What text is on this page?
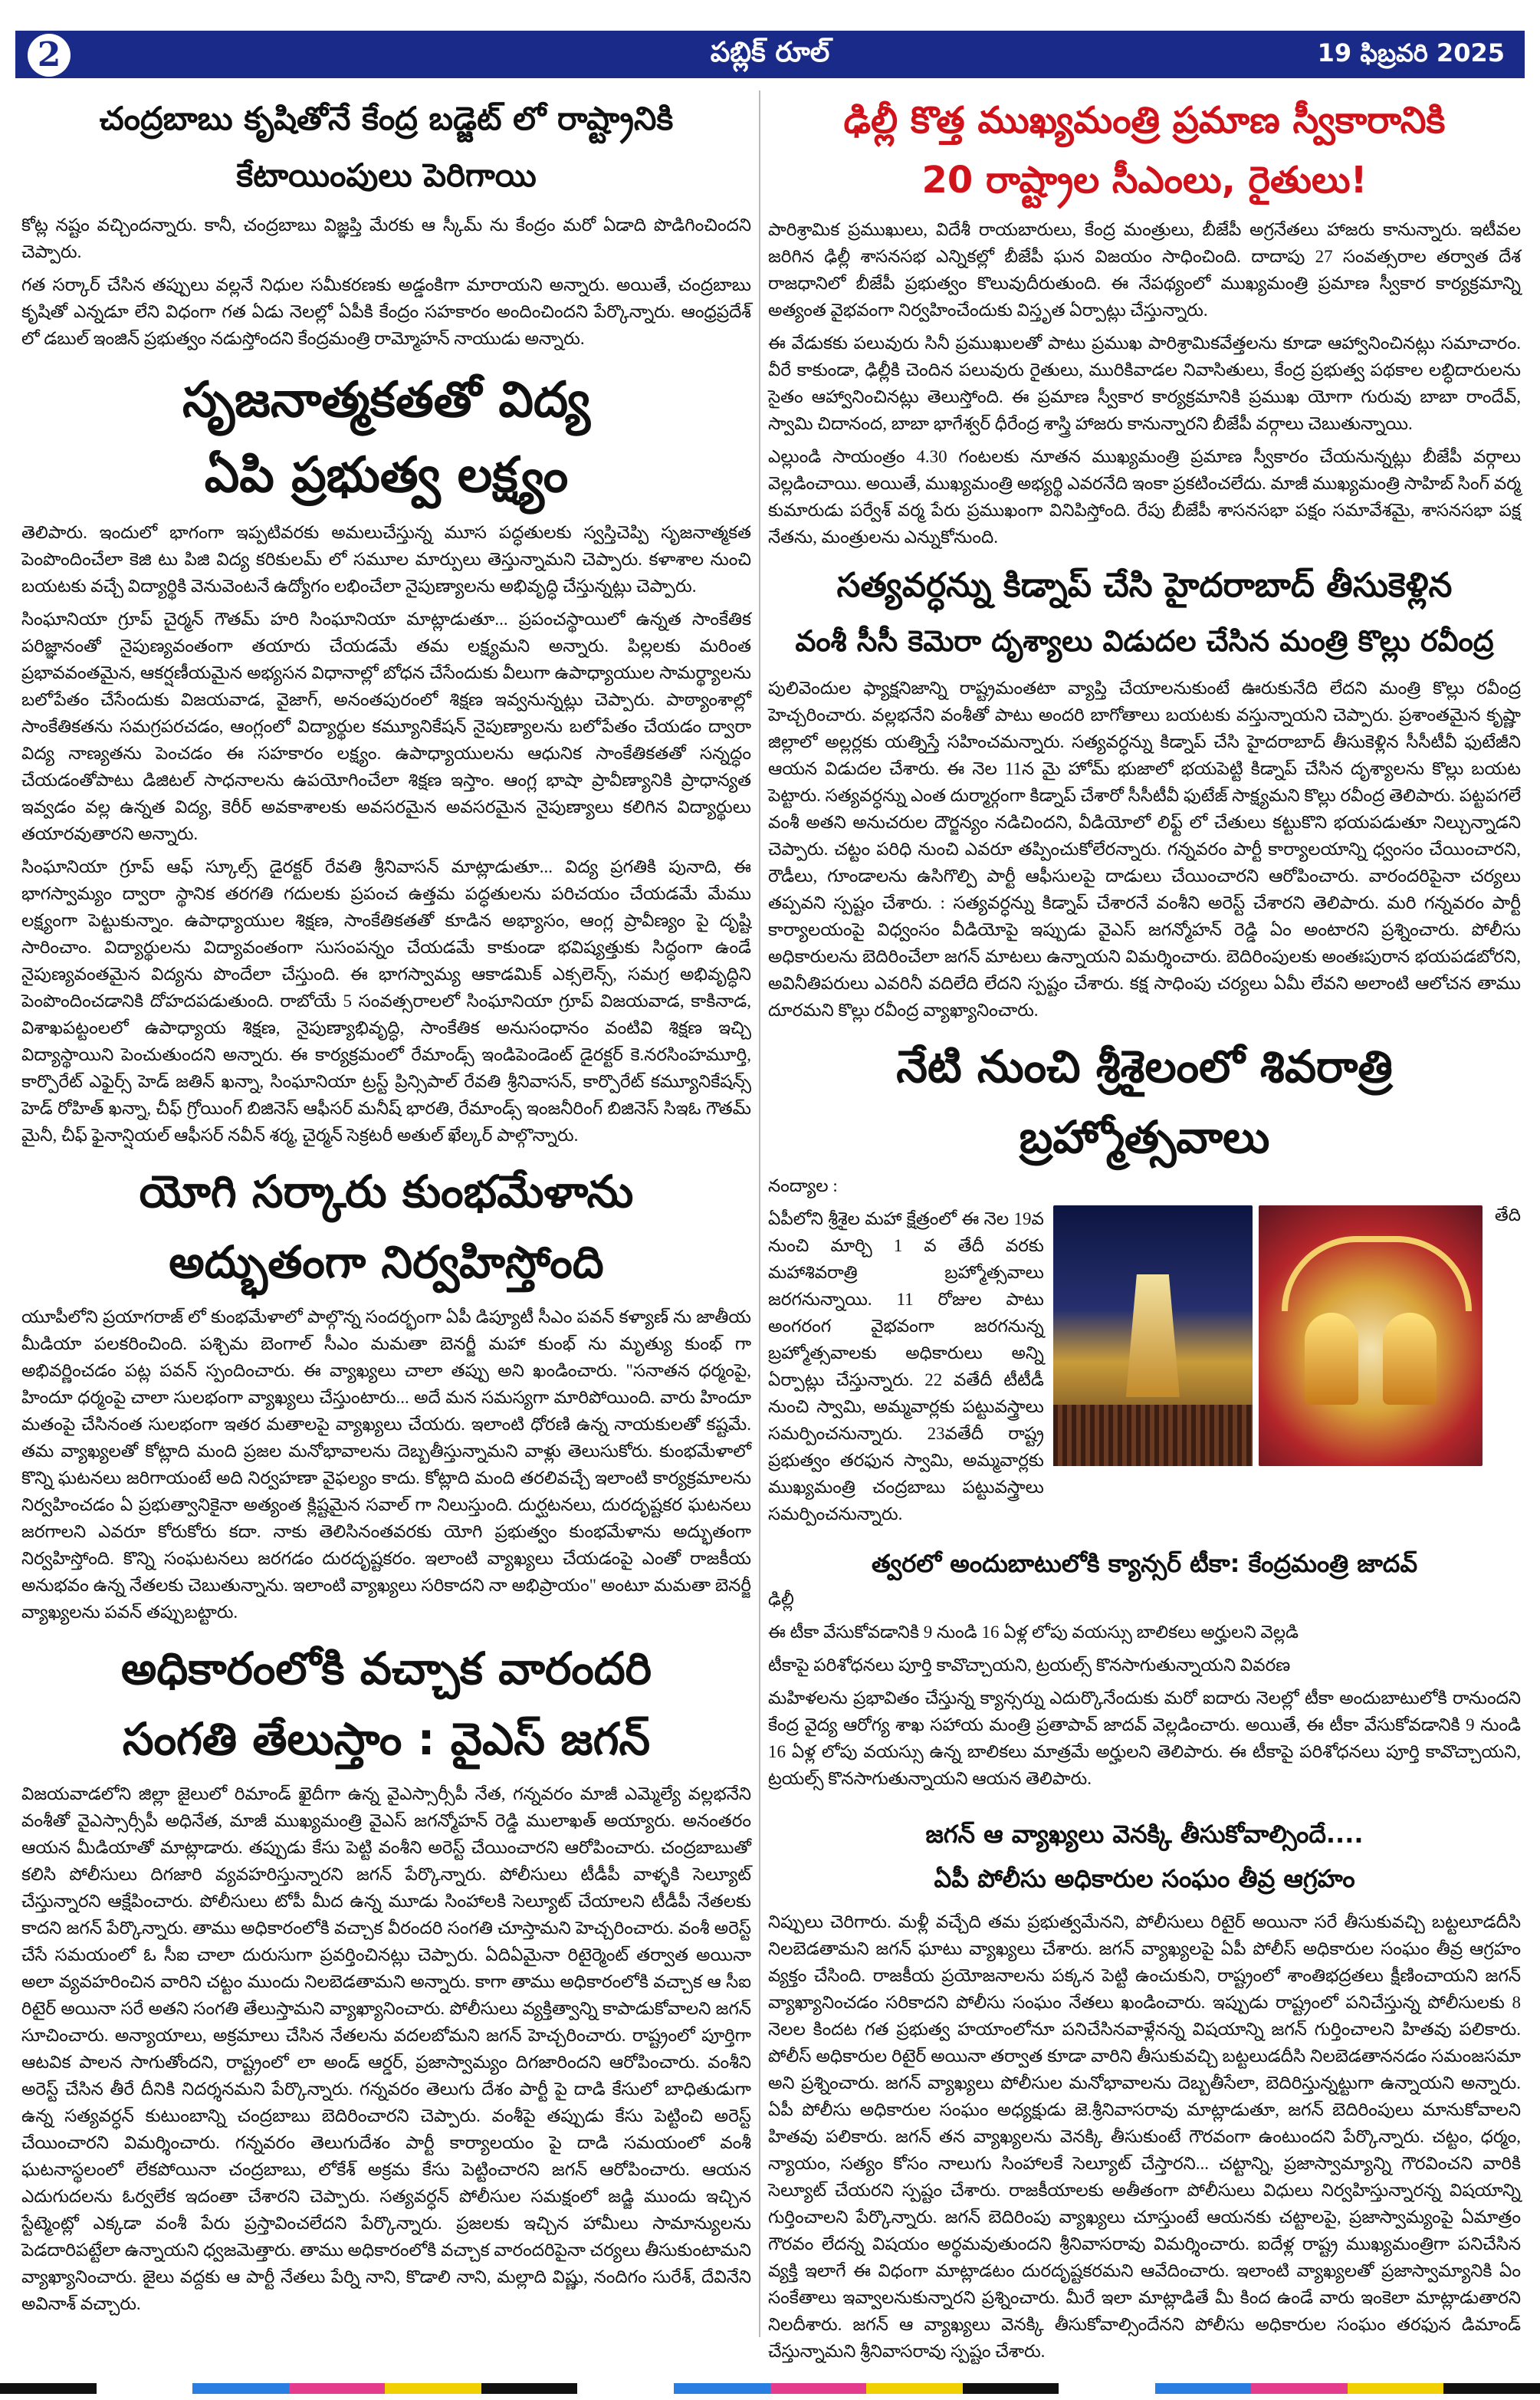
పబ్లిక్ రూల్	19 ఫిబ్రవరి 2025
2
చంద్రబాబు కృషితోనే కేంద్ర బడ్జెట్ లో రాష్ట్రానికి
కేటాయింపులు పెరిగాయి

కోట్ల నష్టం వచ్చిందన్నారు. కానీ, చంద్రబాబు విజ్ఞప్తి మేరకు ఆ స్కీమ్ ను కేంద్రం మరో ఏడాది పొడిగించిందని చెప్పారు.

గత సర్కార్ చేసిన తప్పులు వల్లనే నిధుల సమీకరణకు అడ్డంకిగా మారాయని అన్నారు. అయితే, చంద్రబాబు కృషితో ఎన్నడూ లేని విధంగా గత ఏడు నెలల్లో ఏపీకి కేంద్రం సహకారం అందించిందని పేర్కొన్నారు. ఆంధ్రప్రదేశ్ లో డబుల్ ఇంజిన్ ప్రభుత్వం నడుస్తోందని కేంద్రమంత్రి రామ్మోహన్ నాయుడు అన్నారు.

సృజనాత్మకతతో విద్య
ఏపి ప్రభుత్వ లక్ష్యం

తెలిపారు. ఇందులో భాగంగా ఇప్పటివరకు అమలుచేస్తున్న మూస పద్ధతులకు స్వస్తిచెప్పి సృజనాత్మకత పెంపొందించేలా కెజి టు పిజి విద్య కరికులమ్ లో సమూల మార్పులు తెస్తున్నామని చెప్పారు. కళాశాల నుంచి బయటకు వచ్చే విద్యార్థికి వెనువెంటనే ఉద్యోగం లభించేలా నైపుణ్యాలను అభివృద్ధి చేస్తున్నట్లు చెప్పారు.

సింఘానియా గ్రూప్ చైర్మన్ గౌతమ్ హరి సింఘానియా మాట్లాడుతూ... ప్రపంచస్థాయిలో ఉన్నత సాంకేతిక పరిజ్ఞానంతో నైపుణ్యవంతంగా తయారు చేయడమే తమ లక్ష్యమని అన్నారు. పిల్లలకు మరింత ప్రభావవంతమైన, ఆకర్షణీయమైన అభ్యసన విధానాల్లో బోధన చేసేందుకు వీలుగా ఉపాధ్యాయుల సామర్థ్యాలను బలోపేతం చేసేందుకు విజయవాడ, వైజాగ్, అనంతపురంలో శిక్షణ ఇవ్వనున్నట్లు చెప్పారు. పాఠ్యాంశాల్లో సాంకేతికతను సమగ్రపరచడం, ఆంగ్లంలో విద్యార్థుల కమ్యూనికేషన్ నైపుణ్యాలను బలోపేతం చేయడం ద్వారా విద్య నాణ్యతను పెంచడం ఈ సహకారం లక్ష్యం. ఉపాధ్యాయులను ఆధునిక సాంకేతికతతో సన్నద్ధం చేయడంతోపాటు డిజిటల్ సాధనాలను ఉపయోగించేలా శిక్షణ ఇస్తాం. ఆంగ్ల భాషా ప్రావీణ్యానికి ప్రాధాన్యత ఇవ్వడం వల్ల ఉన్నత విద్య, కెరీర్ అవకాశాలకు అవసరమైన అవసరమైన నైపుణ్యాలు కలిగిన విద్యార్థులు తయారవుతారని అన్నారు.

సింఘానియా గ్రూప్ ఆఫ్ స్కూల్స్ డైరక్టర్ రేవతి శ్రీనివాసన్ మాట్లాడుతూ... విద్య ప్రగతికి పునాది, ఈ భాగస్వామ్యం ద్వారా స్థానిక తరగతి గదులకు ప్రపంచ ఉత్తమ పద్ధతులను పరిచయం చేయడమే మేము లక్ష్యంగా పెట్టుకున్నాం. ఉపాధ్యాయుల శిక్షణ, సాంకేతికతతో కూడిన అభ్యాసం, ఆంగ్ల ప్రావీణ్యం పై దృష్టి సారించాం. విద్యార్థులను విద్యావంతంగా సుసంపన్నం చేయడమే కాకుండా భవిష్యత్తుకు సిద్ధంగా ఉండే నైపుణ్యవంతమైన విద్యను పొందేలా చేస్తుంది. ఈ భాగస్వామ్య ఆకాడమిక్ ఎక్సలెన్స్, సమగ్ర అభివృద్ధిని పెంపొందించడానికి దోహదపడుతుంది. రాబోయే 5 సంవత్సరాలలో సింఘానియా గ్రూప్ విజయవాడ, కాకినాడ, విశాఖపట్టంలలో ఉపాధ్యాయ శిక్షణ, నైపుణ్యాభివృద్ధి, సాంకేతిక అనుసంధానం వంటివి శిక్షణ ఇచ్చి విద్యాస్థాయిని పెంచుతుందని అన్నారు. ఈ కార్యక్రమంలో రేమాండ్స్ ఇండిపెండెంట్ డైరక్టర్ కె.నరసింహమూర్తి, కార్పొరేట్ ఎఫైర్స్ హెడ్ జతిన్ ఖన్నా, సింఘానియా ట్రస్ట్ ప్రిన్సిపాల్ రేవతి శ్రీనివాసన్, కార్పొరేట్ కమ్యూనికేషన్స్ హెడ్ రోహిత్ ఖన్నా, చీఫ్ గ్రోయింగ్ బిజినెస్ ఆఫీసర్ మనీష్ భారతి, రేమాండ్స్ ఇంజనీరింగ్ బిజినెస్ సిఇఓ గౌతమ్ మైనీ, చీఫ్ ఫైనాన్షియల్ ఆఫీసర్ నవీన్ శర్మ, చైర్మన్ సెక్రటరీ అతుల్ ఖేల్కర్ పాల్గొన్నారు.

యోగి సర్కారు కుంభమేళాను
అద్భుతంగా నిర్వహిస్తోంది

యూపీలోని ప్రయాగరాజ్ లో కుంభమేళాలో పాల్గొన్న సందర్భంగా ఏపీ డిప్యూటీ సీఎం పవన్ కళ్యాణ్ ను జాతీయ మీడియా పలకరించింది. పశ్చిమ బెంగాల్ సీఎం మమతా బెనర్జీ మహా కుంభ్ ను మృత్యు కుంభ్ గా అభివర్ణించడం పట్ల పవన్ స్పందించారు. ఈ వ్యాఖ్యలు చాలా తప్పు అని ఖండించారు. "సనాతన ధర్మంపై, హిందూ ధర్మంపై చాలా సులభంగా వ్యాఖ్యలు చేస్తుంటారు... అదే మన సమస్యగా మారిపోయింది. వారు హిందూ మతంపై చేసినంత సులభంగా ఇతర మతాలపై వ్యాఖ్యలు చేయరు. ఇలాంటి ధోరణి ఉన్న నాయకులతో కష్టమే. తమ వ్యాఖ్యలతో కోట్లాది మంది ప్రజల మనోభావాలను దెబ్బతీస్తున్నామని వాళ్లు తెలుసుకోరు. కుంభమేళాలో కొన్ని ఘటనలు జరిగాయంటే అది నిర్వహణా వైఫల్యం కాదు. కోట్లాది మంది తరలివచ్చే ఇలాంటి కార్యక్రమాలను నిర్వహించడం ఏ ప్రభుత్వానికైనా అత్యంత క్లిష్టమైన సవాల్ గా నిలుస్తుంది. దుర్ఘటనలు, దురదృష్టకర ఘటనలు జరగాలని ఎవరూ కోరుకోరు కదా. నాకు తెలిసినంతవరకు యోగి ప్రభుత్వం కుంభమేళాను అద్భుతంగా నిర్వహిస్తోంది. కొన్ని సంఘటనలు జరగడం దురదృష్టకరం. ఇలాంటి వ్యాఖ్యలు చేయడంపై ఎంతో రాజకీయ అనుభవం ఉన్న నేతలకు చెబుతున్నాను. ఇలాంటి వ్యాఖ్యలు సరికాదని నా అభిప్రాయం" అంటూ మమతా బెనర్జీ వ్యాఖ్యలను పవన్ తప్పుబట్టారు.

అధికారంలోకి వచ్చాక వారందరి
సంగతి తేలుస్తాం : వైఎస్ జగన్

విజయవాడలోని జిల్లా జైలులో రిమాండ్ ఖైదీగా ఉన్న వైఎస్సార్సీపీ నేత, గన్నవరం మాజీ ఎమ్మెల్యే వల్లభనేని వంశీతో వైఎస్సార్సీపీ అధినేత, మాజీ ముఖ్యమంత్రి వైఎస్ జగన్మోహన్ రెడ్డి ములాఖత్ అయ్యారు. అనంతరం ఆయన మీడియాతో మాట్లాడారు. తప్పుడు కేసు పెట్టి వంశీని అరెస్ట్ చేయించారని ఆరోపించారు. చంద్రబాబుతో కలిసి పోలీసులు దిగజారి వ్యవహరిస్తున్నారని జగన్ పేర్కొన్నారు. పోలీసులు టీడీపీ వాళ్ళకి సెల్యూట్ చేస్తున్నారని ఆక్షేపించారు. పోలీసులు టోపీ మీద ఉన్న మూడు సింహాలకి సెల్యూట్ చేయాలని టీడీపీ నేతలకు కాదని జగన్ పేర్కొన్నారు. తాము అధికారంలోకి వచ్చాక వీరందరి సంగతి చూస్తామని హెచ్చరించారు. వంశీ అరెస్ట్ చేసే సమయంలో ఓ సీఐ చాలా దురుసుగా ప్రవర్తించినట్లు చెప్పారు. ఏదిఏమైనా రిటైర్మెంట్ తర్వాత అయినా అలా వ్యవహరించిన వారిని చట్టం ముందు నిలబెడతామని అన్నారు. కాగా తాము అధికారంలోకి వచ్చాక ఆ సీఐ రిటైర్ అయినా సరే అతని సంగతి తేలుస్తామని వ్యాఖ్యానించారు. పోలీసులు వ్యక్తిత్వాన్ని కాపాడుకోవాలని జగన్ సూచించారు. అన్యాయాలు, అక్రమాలు చేసిన నేతలను వదలబోమని జగన్ హెచ్చరించారు. రాష్ట్రంలో పూర్తిగా ఆటవిక పాలన సాగుతోందని, రాష్ట్రంలో లా అండ్ ఆర్డర్, ప్రజాస్వామ్యం దిగజారిందని ఆరోపించారు. వంశీని అరెస్ట్ చేసిన తీరే దీనికి నిదర్శనమని పేర్కొన్నారు. గన్నవరం తెలుగు దేశం పార్టీ పై దాడి కేసులో బాధితుడుగా ఉన్న సత్యవర్ధన్ కుటుంబాన్ని చంద్రబాబు బెదిరించారని చెప్పారు. వంశీపై తప్పుడు కేసు పెట్టించి అరెస్ట్ చేయించారని విమర్శించారు. గన్నవరం తెలుగుదేశం పార్టీ కార్యాలయం పై దాడి సమయంలో వంశీ ఘటనాస్థలంలో లేకపోయినా చంద్రబాబు, లోకేశ్ అక్రమ కేసు పెట్టించారని జగన్ ఆరోపించారు. ఆయన ఎదుగుదలను ఓర్వలేక ఇదంతా చేశారని చెప్పారు. సత్యవర్ధన్ పోలీసుల సమక్షంలో జడ్జి ముందు ఇచ్చిన స్టేట్మెంట్లో ఎక్కడా వంశీ పేరు ప్రస్తావించలేదని పేర్కొన్నారు. ప్రజలకు ఇచ్చిన హామీలు సామాన్యులను పెడదారిపట్టేలా ఉన్నాయని ధ్వజమెత్తారు. తాము అధికారంలోకి వచ్చాక వారందరిపైనా చర్యలు తీసుకుంటామని వ్యాఖ్యానించారు. జైలు వద్దకు ఆ పార్టీ నేతలు పేర్ని నాని, కొడాలి నాని, మల్లాది విష్ణు, నందిగం సురేశ్, దేవినేని అవినాశ్ వచ్చారు.

ఢిల్లీ కొత్త ముఖ్యమంత్రి ప్రమాణ స్వీకారానికి
20 రాష్ట్రాల సీఎంలు, రైతులు!

పారిశ్రామిక ప్రముఖులు, విదేశీ రాయబారులు, కేంద్ర మంత్రులు, బీజేపీ అగ్రనేతలు హాజరు కానున్నారు. ఇటీవల జరిగిన ఢిల్లీ శాసనసభ ఎన్నికల్లో బీజేపీ ఘన విజయం సాధించింది. దాదాపు 27 సంవత్సరాల తర్వాత దేశ రాజధానిలో బీజేపీ ప్రభుత్వం కొలువుదీరుతుంది. ఈ నేపథ్యంలో ముఖ్యమంత్రి ప్రమాణ స్వీకార కార్యక్రమాన్ని అత్యంత వైభవంగా నిర్వహించేందుకు విస్తృత ఏర్పాట్లు చేస్తున్నారు.

ఈ వేడుకకు పలువురు సినీ ప్రముఖులతో పాటు ప్రముఖ పారిశ్రామికవేత్తలను కూడా ఆహ్వానించినట్లు సమాచారం. వీరే కాకుండా, ఢిల్లీకి చెందిన పలువురు రైతులు, మురికివాడల నివాసితులు, కేంద్ర ప్రభుత్వ పథకాల లబ్ధిదారులను సైతం ఆహ్వానించినట్లు తెలుస్తోంది. ఈ ప్రమాణ స్వీకార కార్యక్రమానికి ప్రముఖ యోగా గురువు బాబా రాందేవ్, స్వామి చిదానంద, బాబా భాగేశ్వర్ ధీరేంద్ర శాస్త్రి హాజరు కానున్నారని బీజేపీ వర్గాలు చెబుతున్నాయి.

ఎల్లుండి సాయంత్రం 4.30 గంటలకు నూతన ముఖ్యమంత్రి ప్రమాణ స్వీకారం చేయనున్నట్లు బీజేపీ వర్గాలు వెల్లడించాయి. అయితే, ముఖ్యమంత్రి అభ్యర్థి ఎవరనేది ఇంకా ప్రకటించలేదు. మాజీ ముఖ్యమంత్రి సాహిబ్ సింగ్ వర్మ కుమారుడు పర్వేశ్ వర్మ పేరు ప్రముఖంగా వినిపిస్తోంది. రేపు బీజేపీ శాసనసభా పక్షం సమావేశమై, శాసనసభా పక్ష నేతను, మంత్రులను ఎన్నుకోనుంది.

సత్యవర్ధన్ను కిడ్నాప్ చేసి హైదరాబాద్ తీసుకెళ్లిన
వంశీ సీసీ కెమెరా దృశ్యాలు విడుదల చేసిన మంత్రి కొల్లు రవీంద్ర

పులివెందుల ఫ్యాక్షనిజాన్ని రాష్ట్రమంతటా వ్యాప్తి చేయాలనుకుంటే ఊరుకునేది లేదని మంత్రి కొల్లు రవీంద్ర హెచ్చరించారు. వల్లభనేని వంశీతో పాటు అందరి బాగోతాలు బయటకు వస్తున్నాయని చెప్పారు. ప్రశాంతమైన కృష్ణా జిల్లాలో అల్లర్లకు యత్నిస్తే సహించమన్నారు. సత్యవర్ధన్ను కిడ్నాప్ చేసి హైదరాబాద్ తీసుకెళ్లిన సీసీటీవీ ఫుటేజీని ఆయన విడుదల చేశారు. ఈ నెల 11న మై హోమ్ భుజాలో భయపెట్టి కిడ్నాప్ చేసిన దృశ్యాలను కొల్లు బయట పెట్టారు. సత్యవర్ధన్ను ఎంత దుర్మార్గంగా కిడ్నాప్ చేశారో సీసీటీవీ ఫుటేజ్ సాక్ష్యమని కొల్లు రవీంద్ర తెలిపారు. పట్టపగలే వంశీ అతని అనుచరుల దౌర్జన్యం నడిచిందని, వీడియోలో లిఫ్ట్ లో చేతులు కట్టుకొని భయపడుతూ నిల్చున్నాడని చెప్పారు. చట్టం పరిధి నుంచి ఎవరూ తప్పించుకోలేరన్నారు. గన్నవరం పార్టీ కార్యాలయాన్ని ధ్వంసం చేయించారని, రౌడీలు, గూండాలను ఉసిగొల్పి పార్టీ ఆఫీసులపై దాడులు చేయించారని ఆరోపించారు. వారందరిపైనా చర్యలు తప్పవని స్పష్టం చేశారు. : సత్యవర్ధన్ను కిడ్నాప్ చేశారనే వంశీని అరెస్ట్ చేశారని తెలిపారు. మరి గన్నవరం పార్టీ కార్యాలయంపై విధ్వంసం వీడియోపై ఇప్పుడు వైఎస్ జగన్మోహన్ రెడ్డి ఏం అంటారని ప్రశ్నించారు. పోలీసు అధికారులను బెదిరించేలా జగన్ మాటలు ఉన్నాయని విమర్శించారు. బెదిరింపులకు అంతఃపురాన భయపడబోరని, అవినీతిపరులు ఎవరినీ వదిలేది లేదని స్పష్టం చేశారు. కక్ష సాధింపు చర్యలు ఏమీ లేవని అలాంటి ఆలోచన తాము దూరమని కొల్లు రవీంద్ర వ్యాఖ్యానించారు.

నేటి నుంచి శ్రీశైలంలో శివరాత్రి
బ్రహ్మోత్సవాలు
నంద్యాల :

ఏపీలోని శ్రీశైల మహా క్షేత్రంలో ఈ నెల 19వ నుంచి మార్చి 1 వ తేదీ వరకు మహాశివరాత్రి బ్రహ్మోత్సవాలు జరగనున్నాయి. 11 రోజుల పాటు అంగరంగ వైభవంగా జరగనున్న బ్రహ్మోత్సవాలకు అధికారులు అన్ని ఏర్పాట్లు చేస్తున్నారు. 22 వతేదీ టీటీడీ నుంచి స్వామి, అమ్మవార్లకు పట్టువస్త్రాలు సమర్పించనున్నారు. 23వతేదీ రాష్ట్ర ప్రభుత్వం తరఫున స్వామి, అమ్మవార్లకు ముఖ్యమంత్రి చంద్రబాబు పట్టువస్త్రాలు సమర్పించనున్నారు.

తేది
త్వరలో అందుబాటులోకి క్యాన్సర్ టీకా: కేంద్రమంత్రి జాదవ్
ఢిల్లీ

ఈ టీకా వేసుకోవడానికి 9 నుండి 16 ఏళ్ల లోపు వయస్సు బాలికలు అర్హులని వెల్లడి

టీకాపై పరిశోధనలు పూర్తి కావొచ్చాయని, ట్రయల్స్ కొనసాగుతున్నాయని వివరణ

మహిళలను ప్రభావితం చేస్తున్న క్యాన్సర్ను ఎదుర్కొనేందుకు మరో ఐదారు నెలల్లో టీకా అందుబాటులోకి రానుందని కేంద్ర వైద్య ఆరోగ్య శాఖ సహాయ మంత్రి ప్రతాపావ్ జాదవ్ వెల్లడించారు. అయితే, ఈ టీకా వేసుకోవడానికి 9 నుండి 16 ఏళ్ల లోపు వయస్సు ఉన్న బాలికలు మాత్రమే అర్హులని తెలిపారు. ఈ టీకాపై పరిశోధనలు పూర్తి కావొచ్చాయని, ట్రయల్స్ కొనసాగుతున్నాయని ఆయన తెలిపారు.

జగన్ ఆ వ్యాఖ్యలు వెనక్కి తీసుకోవాల్సిందే....
ఏపీ పోలీసు అధికారుల సంఘం తీవ్ర ఆగ్రహం

నిప్పులు చెరిగారు. మళ్లీ వచ్చేది తమ ప్రభుత్వమేనని, పోలీసులు రిటైర్ అయినా సరే తీసుకువచ్చి బట్టలూడదీసి నిలబెడతామని జగన్ ఘాటు వ్యాఖ్యలు చేశారు. జగన్ వ్యాఖ్యలపై ఏపీ పోలీస్ అధికారుల సంఘం తీవ్ర ఆగ్రహం వ్యక్తం చేసింది. రాజకీయ ప్రయోజనాలను పక్కన పెట్టి ఉంచుకుని, రాష్ట్రంలో శాంతిభద్రతలు క్షీణించాయని జగన్ వ్యాఖ్యానించడం సరికాదని పోలీసు సంఘం నేతలు ఖండించారు. ఇప్పుడు రాష్ట్రంలో పనిచేస్తున్న పోలీసులకు 8 నెలల కిందట గత ప్రభుత్వ హయాంలోనూ పనిచేసినవాళ్లేనన్న విషయాన్ని జగన్ గుర్తించాలని హితవు పలికారు. పోలీస్ అధికారుల రిటైర్ అయినా తర్వాత కూడా వారిని తీసుకువచ్చి బట్టలుడదీసి నిలబెడతాననడం సమంజసమా అని ప్రశ్నించారు. జగన్ వ్యాఖ్యలు పోలీసుల మనోభావాలను దెబ్బతీసేలా, బెదిరిస్తున్నట్టుగా ఉన్నాయని అన్నారు. ఏపీ పోలీసు అధికారుల సంఘం అధ్యక్షుడు జె.శ్రీనివాసరావు మాట్లాడుతూ, జగన్ బెదిరింపులు మానుకోవాలని హితవు పలికారు. జగన్ తన వ్యాఖ్యలను వెనక్కి తీసుకుంటే గౌరవంగా ఉంటుందని పేర్కొన్నారు. చట్టం, ధర్మం, న్యాయం, సత్యం కోసం నాలుగు సింహాలకే సెల్యూట్ చేస్తారని... చట్టాన్ని, ప్రజాస్వామ్యాన్ని గౌరవించని వారికి సెల్యూట్ చేయరని స్పష్టం చేశారు. రాజకీయాలకు అతీతంగా పోలీసులు విధులు నిర్వహిస్తున్నారన్న విషయాన్ని గుర్తించాలని పేర్కొన్నారు. జగన్ బెదిరింపు వ్యాఖ్యలు చూస్తుంటే ఆయనకు చట్టాలపై, ప్రజాస్వామ్యంపై ఏమాత్రం గౌరవం లేదన్న విషయం అర్థమవుతుందని శ్రీనివాసరావు విమర్శించారు. ఐదేళ్ల రాష్ట్ర ముఖ్యమంత్రిగా పనిచేసిన వ్యక్తి ఇలాగే ఈ విధంగా మాట్లాడటం దురదృష్టకరమని ఆవేదించారు. ఇలాంటి వ్యాఖ్యలతో ప్రజాస్వామ్యానికి ఏం సంకేతాలు ఇవ్వాలనుకున్నారని ప్రశ్నించారు. మీరే ఇలా మాట్లాడితే మీ కింద ఉండే వారు ఇంకెలా మాట్లాడుతారని నిలదీశారు. జగన్ ఆ వ్యాఖ్యలు వెనక్కి తీసుకోవాల్సిందేనని పోలీసు అధికారుల సంఘం తరఫున డిమాండ్ చేస్తున్నామని శ్రీనివాసరావు స్పష్టం చేశారు.
